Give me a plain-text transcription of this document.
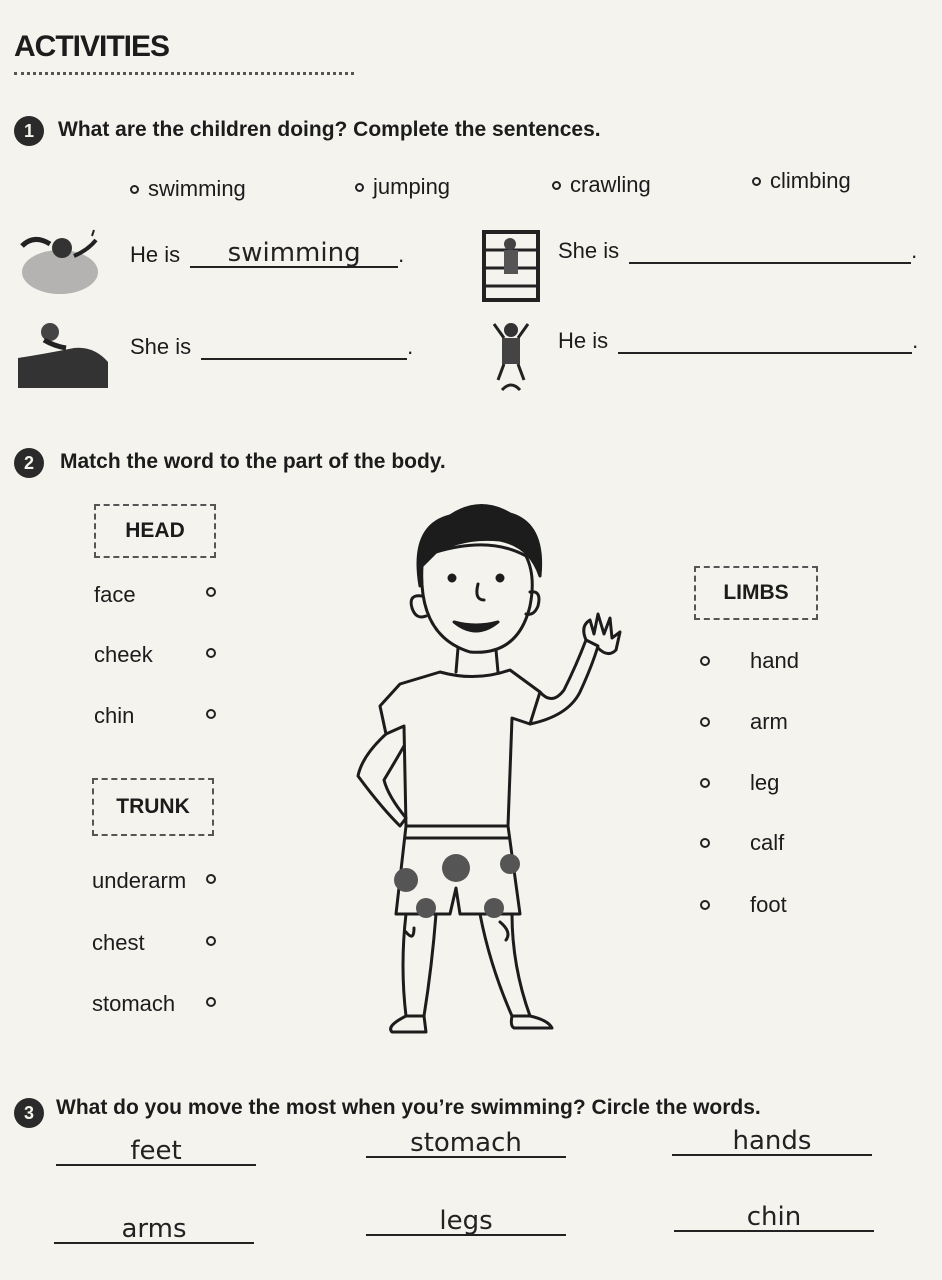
ACTIVITIES
1	What are the children doing? Complete the sentences.
swimming	jumping	crawling	climbing
He is	swimming	.	She is	.
She is	.	He is	.
2	Match the word to the part of the body.
HEAD
face
cheek
chin
TRUNK
underarm
chest
stomach
LIMBS
hand
arm
leg
calf
foot
3	What do you move the most when you’re swimming? Circle the words.
feet	stomach	hands
arms	legs	chin
